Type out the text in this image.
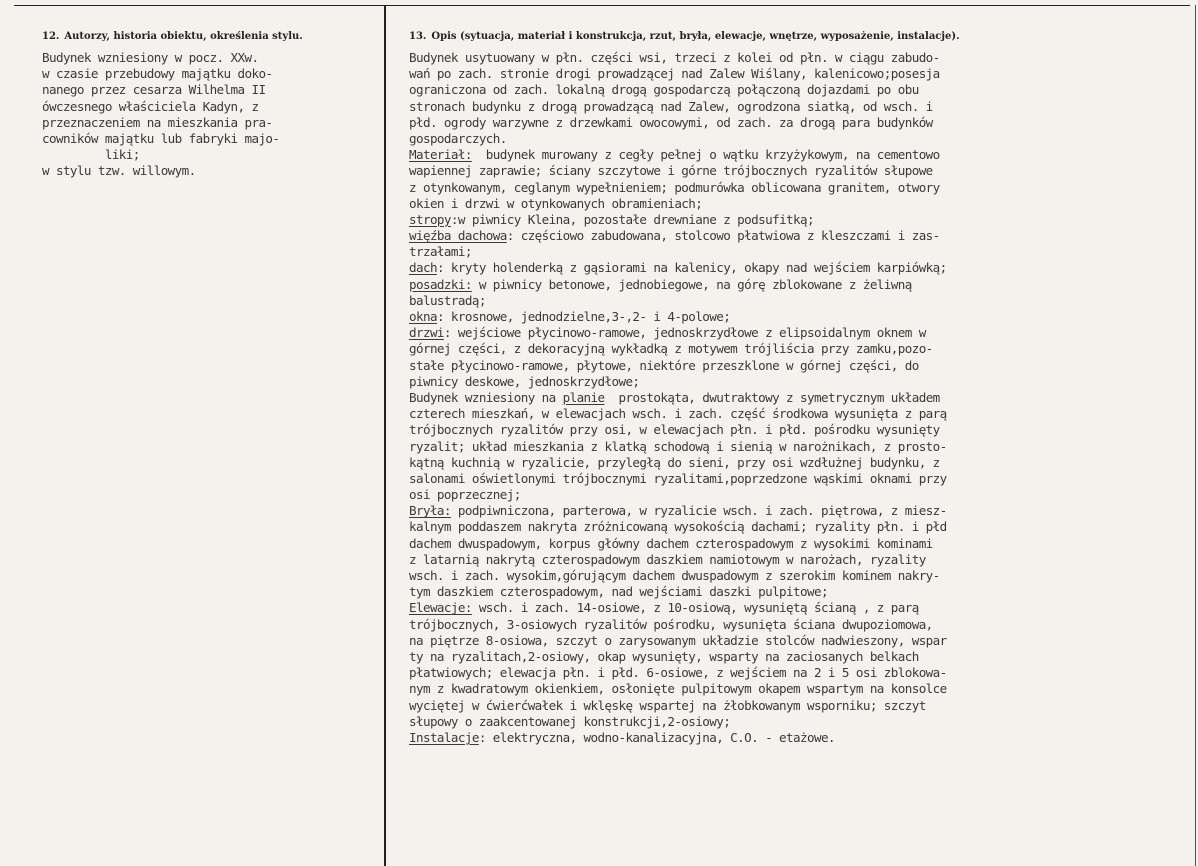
12. Autorzy, historia obiektu, określenia stylu.
Budynek wzniesiony w pocz. XXw.
w czasie przebudowy majątku doko-
nanego przez cesarza Wilhelma II
ówczesnego właściciela Kadyn, z
przeznaczeniem na mieszkania pra-
cowników majątku lub fabryki majo-
liki;
w stylu tzw. willowym.
13. Opis (sytuacja, materiał i konstrukcja, rzut, bryła, elewacje, wnętrze, wyposażenie, instalacje).
Budynek usytuowany w płn. części wsi, trzeci z kolei od płn. w ciągu zabudo-
wań po zach. stronie drogi prowadzącej nad Zalew Wiślany, kalenicowo;posesja
ograniczona od zach. lokalną drogą gospodarczą połączoną dojazdami po obu
stronach budynku z drogą prowadzącą nad Zalew, ogrodzona siatką, od wsch. i
płd. ogrody warzywne z drzewkami owocowymi, od zach. za drogą para budynków
gospodarczych.
Materiał:  budynek murowany z cegły pełnej o wątku krzyżykowym, na cementowo
wapiennej zaprawie; ściany szczytowe i górne trójbocznych ryzalitów słupowe
z otynkowanym, ceglanym wypełnieniem; podmurówka oblicowana granitem, otwory
okien i drzwi w otynkowanych obramieniach;
stropy:w piwnicy Kleina, pozostałe drewniane z podsufitką;
więźba dachowa: częściowo zabudowana, stolcowo płatwiowa z kleszczami i zas-
trzałami;
dach: kryty holenderką z gąsiorami na kalenicy, okapy nad wejściem karpiówką;
posadzki: w piwnicy betonowe, jednobiegowe, na górę zblokowane z żeliwną
balustradą;
okna: krosnowe, jednodzielne,3-,2- i 4-polowe;
drzwi: wejściowe płycinowo-ramowe, jednoskrzydłowe z elipsoidalnym oknem w
górnej części, z dekoracyjną wykładką z motywem trójliścia przy zamku,pozo-
stałe płycinowo-ramowe, płytowe, niektóre przeszklone w górnej części, do
piwnicy deskowe, jednoskrzydłowe;
Budynek wzniesiony na planie  prostokąta, dwutraktowy z symetrycznym układem
czterech mieszkań, w elewacjach wsch. i zach. część środkowa wysunięta z parą
trójbocznych ryzalitów przy osi, w elewacjach płn. i płd. pośrodku wysunięty
ryzalit; układ mieszkania z klatką schodową i sienią w narożnikach, z prosto-
kątną kuchnią w ryzalicie, przyległą do sieni, przy osi wzdłużnej budynku, z
salonami oświetlonymi trójbocznymi ryzalitami,poprzedzone wąskimi oknami przy
osi poprzecznej;
Bryła: podpiwniczona, parterowa, w ryzalicie wsch. i zach. piętrowa, z miesz-
kalnym poddaszem nakryta zróżnicowaną wysokością dachami; ryzality płn. i płd
dachem dwuspadowym, korpus główny dachem czterospadowym z wysokimi kominami
z latarnią nakrytą czterospadowym daszkiem namiotowym w narożach, ryzality
wsch. i zach. wysokim,górującym dachem dwuspadowym z szerokim kominem nakry-
tym daszkiem czterospadowym, nad wejściami daszki pulpitowe;
Elewacje: wsch. i zach. 14-osiowe, z 10-osiową, wysuniętą ścianą , z parą
trójbocznych, 3-osiowych ryzalitów pośrodku, wysunięta ściana dwupoziomowa,
na piętrze 8-osiowa, szczyt o zarysowanym układzie stolców nadwieszony, wspar
ty na ryzalitach,2-osiowy, okap wysunięty, wsparty na zaciosanych belkach
płatwiowych; elewacja płn. i płd. 6-osiowe, z wejściem na 2 i 5 osi zblokowa-
nym z kwadratowym okienkiem, osłonięte pulpitowym okapem wspartym na konsolce
wyciętej w ćwierćwałek i wklęskę wspartej na żłobkowanym wsporniku; szczyt
słupowy o zaakcentowanej konstrukcji,2-osiowy;
Instalacje: elektryczna, wodno-kanalizacyjna, C.O. - etażowe.
